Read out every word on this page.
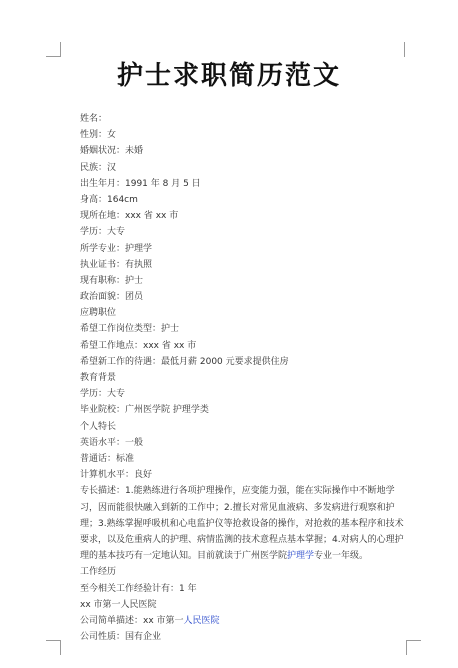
护士求职简历范文
姓名：
性别：女
婚姻状况：未婚
民族：汉
出生年月：1991 年 8 月 5 日
身高：164cm
现所在地：xxx 省 xx 市
学历：大专
所学专业：护理学
执业证书：有执照
现有职称：护士
政治面貌：团员
应聘职位
希望工作岗位类型：护士
希望工作地点：xxx 省 xx 市
希望新工作的待遇：最低月薪 2000 元要求提供住房
教育背景
学历：大专
毕业院校：广州医学院 护理学类
个人特长
英语水平：一般
普通话：标准
计算机水平：良好
专长描述：1.能熟练进行各项护理操作，应变能力强，能在实际操作中不断地学习，因而能很快融入到新的工作中；2.擅长对常见血液病、多发病进行观察和护理；3.熟练掌握呼吸机和心电监护仪等抢救设备的操作，对抢救的基本程序和技术要求，以及危重病人的护理、病情监测的技术意程点基本掌握；4.对病人的心理护理的基本技巧有一定地认知。目前就读于广州医学院护理学专业一年级。
工作经历
至今相关工作经验计有：1 年
xx 市第一人民医院
公司简单描述：xx 市第一人民医院
公司性质：国有企业
